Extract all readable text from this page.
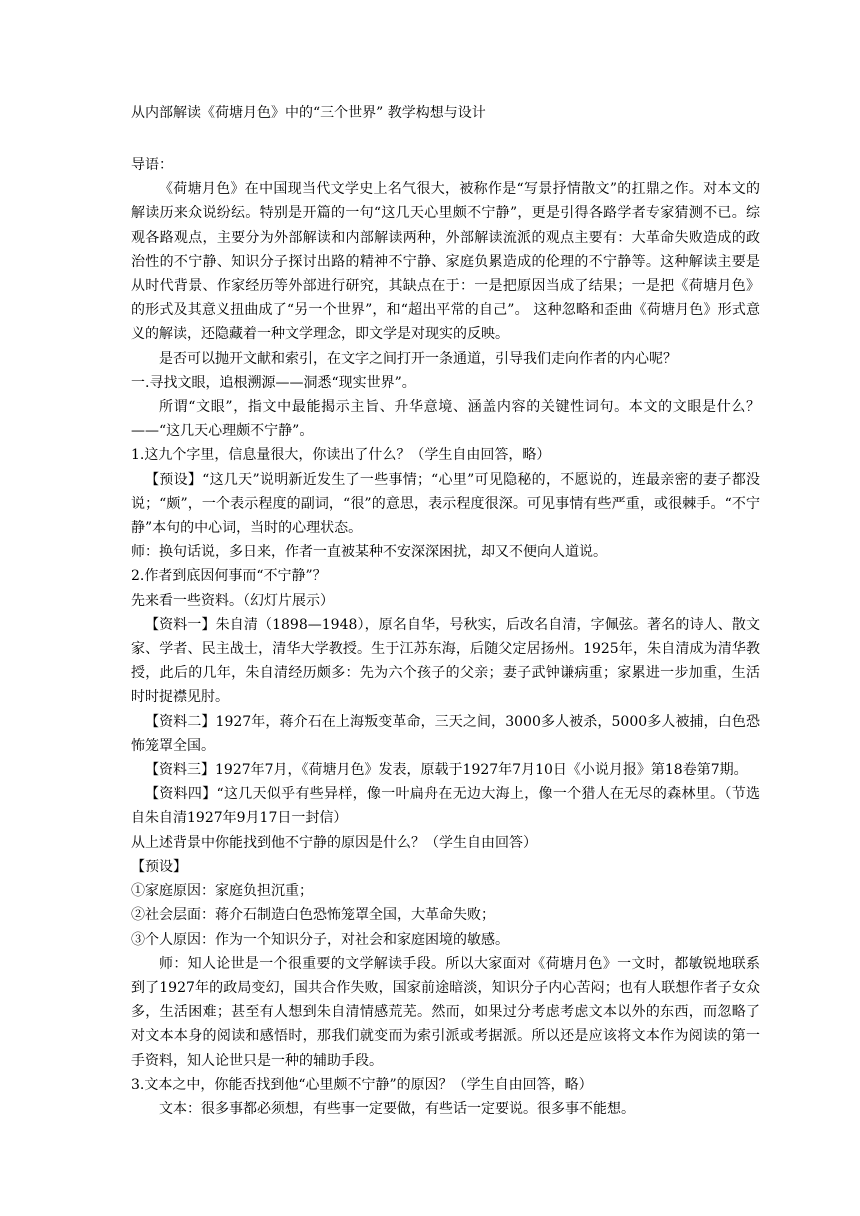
从内部解读《荷塘月色》中的“三个世界” 教学构想与设计

导语：

《荷塘月色》在中国现当代文学史上名气很大，被称作是“写景抒情散文”的扛鼎之作。对本文的解读历来众说纷纭。特别是开篇的一句“这几天心里颇不宁静”，更是引得各路学者专家猜测不已。综观各路观点，主要分为外部解读和内部解读两种，外部解读流派的观点主要有：大革命失败造成的政治性的不宁静、知识分子探讨出路的精神不宁静、家庭负累造成的伦理的不宁静等。这种解读主要是从时代背景、作家经历等外部进行研究，其缺点在于：一是把原因当成了结果；一是把《荷塘月色》的形式及其意义扭曲成了“另一个世界”，和“超出平常的自己”。 这种忽略和歪曲《荷塘月色》形式意义的解读，还隐藏着一种文学理念，即文学是对现实的反映。

是否可以抛开文献和索引，在文字之间打开一条通道，引导我们走向作者的内心呢？

一.寻找文眼，追根溯源——洞悉“现实世界”。

所谓“文眼”，指文中最能揭示主旨、升华意境、涵盖内容的关键性词句。本文的文眼是什么？——“这几天心理颇不宁静”。

1.这九个字里，信息量很大，你读出了什么？（学生自由回答，略）

【预设】“这几天”说明新近发生了一些事情；“心里”可见隐秘的，不愿说的，连最亲密的妻子都没说；“颇”，一个表示程度的副词，“很”的意思，表示程度很深。可见事情有些严重，或很棘手。“不宁静”本句的中心词，当时的心理状态。

师：换句话说，多日来，作者一直被某种不安深深困扰，却又不便向人道说。

2.作者到底因何事而“不宁静”？

先来看一些资料。（幻灯片展示）

【资料一】朱自清（1898—1948），原名自华，号秋实，后改名自清，字佩弦。著名的诗人、散文家、学者、民主战士，清华大学教授。生于江苏东海，后随父定居扬州。1925年，朱自清成为清华教授，此后的几年，朱自清经历颇多：先为六个孩子的父亲；妻子武钟谦病重；家累进一步加重，生活时时捉襟见肘。

【资料二】1927年，蒋介石在上海叛变革命，三天之间，3000多人被杀，5000多人被捕，白色恐怖笼罩全国。

【资料三】1927年7月，《荷塘月色》发表，原载于1927年7月10日《小说月报》第18卷第7期。

【资料四】“这几天似乎有些异样，像一叶扁舟在无边大海上，像一个猎人在无尽的森林里。（节选自朱自清1927年9月17日一封信）

从上述背景中你能找到他不宁静的原因是什么？（学生自由回答）

【预设】

①家庭原因：家庭负担沉重；

②社会层面：蒋介石制造白色恐怖笼罩全国，大革命失败；

③个人原因：作为一个知识分子，对社会和家庭困境的敏感。

师：知人论世是一个很重要的文学解读手段。所以大家面对《荷塘月色》一文时，都敏锐地联系到了1927年的政局变幻，国共合作失败，国家前途暗淡，知识分子内心苦闷；也有人联想作者子女众多，生活困难；甚至有人想到朱自清情感荒芜。然而，如果过分考虑考虑文本以外的东西，而忽略了对文本本身的阅读和感悟时，那我们就变而为索引派或考据派。所以还是应该将文本作为阅读的第一手资料，知人论世只是一种的辅助手段。

3.文本之中，你能否找到他“心里颇不宁静”的原因？（学生自由回答，略）

文本：很多事都必须想，有些事一定要做，有些话一定要说。很多事不能想。
